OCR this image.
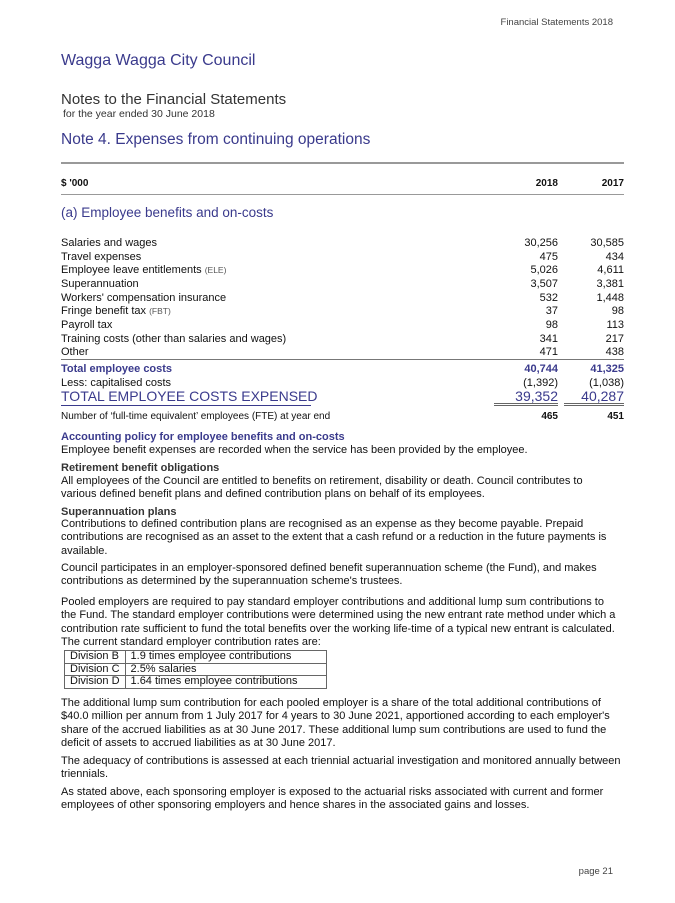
Financial Statements 2018
Wagga Wagga City Council
Notes to the Financial Statements
for the year ended 30 June 2018
Note 4. Expenses from continuing operations
$ '000	2018	2017
(a) Employee benefits and on-costs
Salaries and wages	30,256	30,585
Travel expenses	475	434
Employee leave entitlements (ELE)	5,026	4,611
Superannuation	3,507	3,381
Workers' compensation insurance	532	1,448
Fringe benefit tax (FBT)	37	98
Payroll tax	98	113
Training costs (other than salaries and wages)	341	217
Other	471	438
Total employee costs	40,744	41,325
Less: capitalised costs	(1,392)	(1,038)
TOTAL EMPLOYEE COSTS EXPENSED	39,352 40,287
Number of ‘full-time equivalent’ employees (FTE) at year end	465	451
Accounting policy for employee benefits and on-costs
Employee benefit expenses are recorded when the service has been provided by the employee.
Retirement benefit obligations
All employees of the Council are entitled to benefits on retirement, disability or death. Council contributes to various defined benefit plans and defined contribution plans on behalf of its employees.
Superannuation plans
Contributions to defined contribution plans are recognised as an expense as they become payable. Prepaid contributions are recognised as an asset to the extent that a cash refund or a reduction in the future payments is available.
Council participates in an employer-sponsored defined benefit superannuation scheme (the Fund), and makes contributions as determined by the superannuation scheme's trustees.
Pooled employers are required to pay standard employer contributions and additional lump sum contributions to the Fund. The standard employer contributions were determined using the new entrant rate method under which a contribution rate sufficient to fund the total benefits over the working life-time of a typical new entrant is calculated. The current standard employer contribution rates are:
Division B	1.9 times employee contributions
Division C	2.5% salaries
Division D	1.64 times employee contributions
The additional lump sum contribution for each pooled employer is a share of the total additional contributions of $40.0 million per annum from 1 July 2017 for 4 years to 30 June 2021, apportioned according to each employer's share of the accrued liabilities as at 30 June 2017. These additional lump sum contributions are used to fund the deficit of assets to accrued liabilities as at 30 June 2017.
The adequacy of contributions is assessed at each triennial actuarial investigation and monitored annually between triennials.
As stated above, each sponsoring employer is exposed to the actuarial risks associated with current and former employees of other sponsoring employers and hence shares in the associated gains and losses.
page 21
